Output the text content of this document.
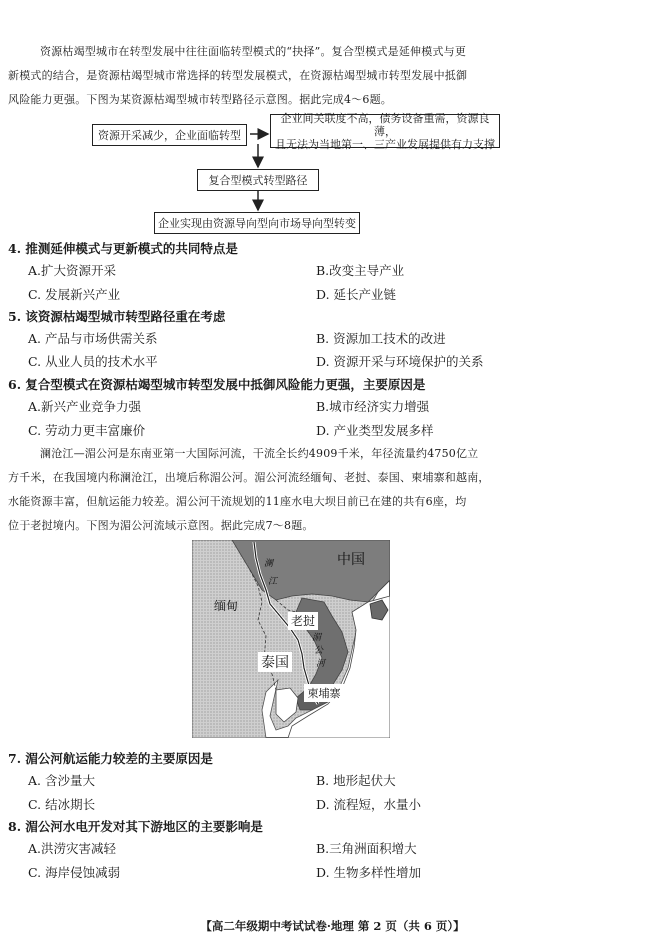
资源枯竭型城市在转型发展中往往面临转型模式的“抉择”。复合型模式是延伸模式与更
新模式的结合，是资源枯竭型城市常选择的转型发展模式，在资源枯竭型城市转型发展中抵御
风险能力更强。下图为某资源枯竭型城市转型路径示意图。据此完成4～6题。
资源开采减少，企业面临转型
企业间关联度不高，债务设备重需，资源良薄，
且无法为当地第一、三产业发展提供有力支撑
复合型模式转型路径
企业实现由资源导向型向市场导向型转变
4. 推测延伸模式与更新模式的共同特点是
A.扩大资源开采	B.改变主导产业
C. 发展新兴产业	D. 延长产业链
5. 该资源枯竭型城市转型路径重在考虑
A. 产品与市场供需关系	B. 资源加工技术的改进
C. 从业人员的技术水平	D. 资源开采与环境保护的关系
6. 复合型模式在资源枯竭型城市转型发展中抵御风险能力更强，主要原因是
A.新兴产业竞争力强	B.城市经济实力增强
C. 劳动力更丰富廉价	D. 产业类型发展多样
澜沧江—湄公河是东南亚第一大国际河流，干流全长约4909千米，年径流量约4750亿立
方千米，在我国境内称澜沧江，出境后称湄公河。湄公河流经缅甸、老挝、泰国、柬埔寨和越南，
水能资源丰富，但航运能力较差。湄公河干流规划的11座水电大坝目前已在建的共有6座，均
位于老挝境内。下图为湄公河流域示意图。据此完成7～8题。
中国
缅甸
老挝
泰国
柬埔寨
澜
江
湄
公
河
7. 湄公河航运能力较差的主要原因是
A. 含沙量大	B. 地形起伏大
C. 结冰期长	D. 流程短，水量小
8. 湄公河水电开发对其下游地区的主要影响是
A.洪涝灾害减轻	B.三角洲面积增大
C. 海岸侵蚀减弱	D. 生物多样性增加
【高二年级期中考试试卷·地理 第 2 页（共 6 页）】
